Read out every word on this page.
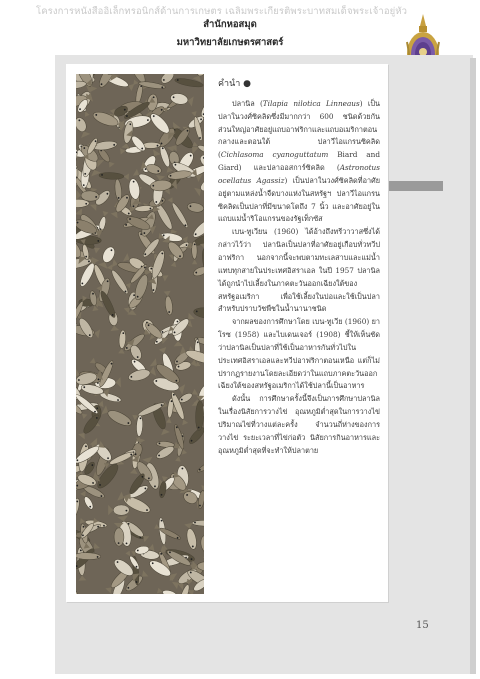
โครงการหนังสืออิเล็กทรอนิกส์ด้านการเกษตร เฉลิมพระเกียรติพระบาทสมเด็จพระเจ้าอยู่หัว
สำนักหอสมุด
มหาวิทยาลัยเกษตรศาสตร์
คำนำ ●

ปลานิล (Tilapia nilotica Linneaus) เป็นปลาในวงศ์ซิคลิดซึ่งมีมากกว่า 600 ชนิดด้วยกัน ส่วนใหญ่อาศัยอยู่แถบอาฟริกาและแถบอเมริกาตอนกลางและตอนใต้ ปลาวีไอแกรนซิคลิด (Cichlasoma cyanoguttatum Biard and Giard) และปลาออสการ์ซิคลิด (Astronotus ocellatus Agassiz) เป็นปลาในวงศ์ซิคลิดที่อาศัยอยู่ตามแหล่งน้ำจืดบางแห่งในสหรัฐฯ ปลาวีไอแกรนซิคลิดเป็นปลาที่มีขนาดโตถึง 7 นิ้ว และอาศัยอยู่ในแถบแม่น้ำริโอแกรนของรัฐเท็กซัส

เบน-ทูเวียน (1960) ได้อ้างถึงทรีวาวาสซึ่งได้กล่าวไว้ว่า ปลานิลเป็นปลาที่อาศัยอยู่เกือบทั่วทวีปอาฟริกา นอกจากนี้จะพบตามทะเลสาบและแม่น้ำแทบทุกสายในประเทศอิสราเอล ในปี 1957 ปลานิลได้ถูกนำไปเลี้ยงในภาคตะวันออกเฉียงใต้ของสหรัฐอเมริกา เพื่อใช้เลี้ยงในบ่อและใช้เป็นปลาสำหรับปราบวัชพืชในน้ำนานาชนิด

จากผลของการศึกษาโดย เบน-ทูเวีย (1960) ยาโรซ (1958) และไบเดนเจอร์ (1908) ชี้ให้เห็นชัดว่าปลานิลเป็นปลาที่ใช้เป็นอาหารกันทั่วไปในประเทศอิสราเอลและทวีปอาฟริกาตอนเหนือ แต่ก็ไม่ปรากฏรายงานโดยละเอียดว่าในแถบภาคตะวันออกเฉียงใต้ของสหรัฐอเมริกาได้ใช้ปลานี้เป็นอาหาร

ดังนั้น การศึกษาครั้งนี้จึงเป็นการศึกษาปลานิลในเรื่องนิสัยการวางไข่ อุณหภูมิต่ำสุดในการวางไข่ ปริมาณไข่ที่วางแต่ละครั้ง จำนวนถี่ห่างของการวางไข่ ระยะเวลาที่ไข่ก่อตัว นิสัยการกินอาหารและอุณหภูมิต่ำสุดที่จะทำให้ปลาตาย

15
